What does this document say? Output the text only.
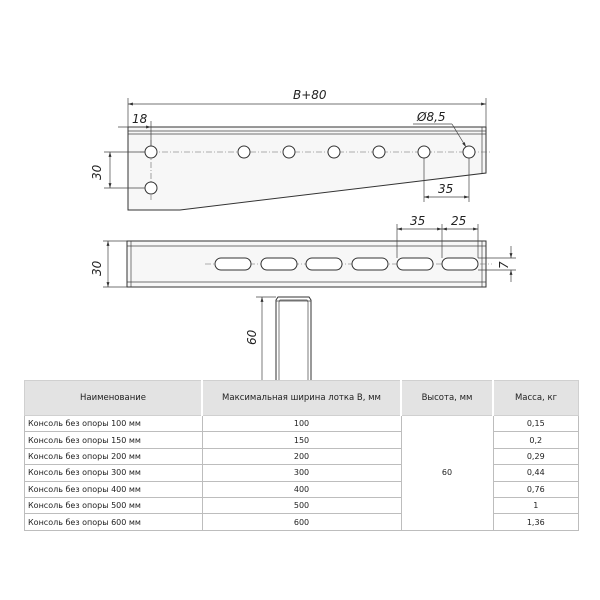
B+80
18	Ø8,5
30
35
35 25
30	7
60
Наименование	Максимальная ширина лотка B, мм	Высота, мм	Масса, кг
Консоль без опоры 100 мм	100	60	0,15
Консоль без опоры 150 мм	150		0,2
Консоль без опоры 200 мм	200		0,29
Консоль без опоры 300 мм	300		0,44
Консоль без опоры 400 мм	400		0,76
Консоль без опоры 500 мм	500		1
Консоль без опоры 600 мм	600		1,36
